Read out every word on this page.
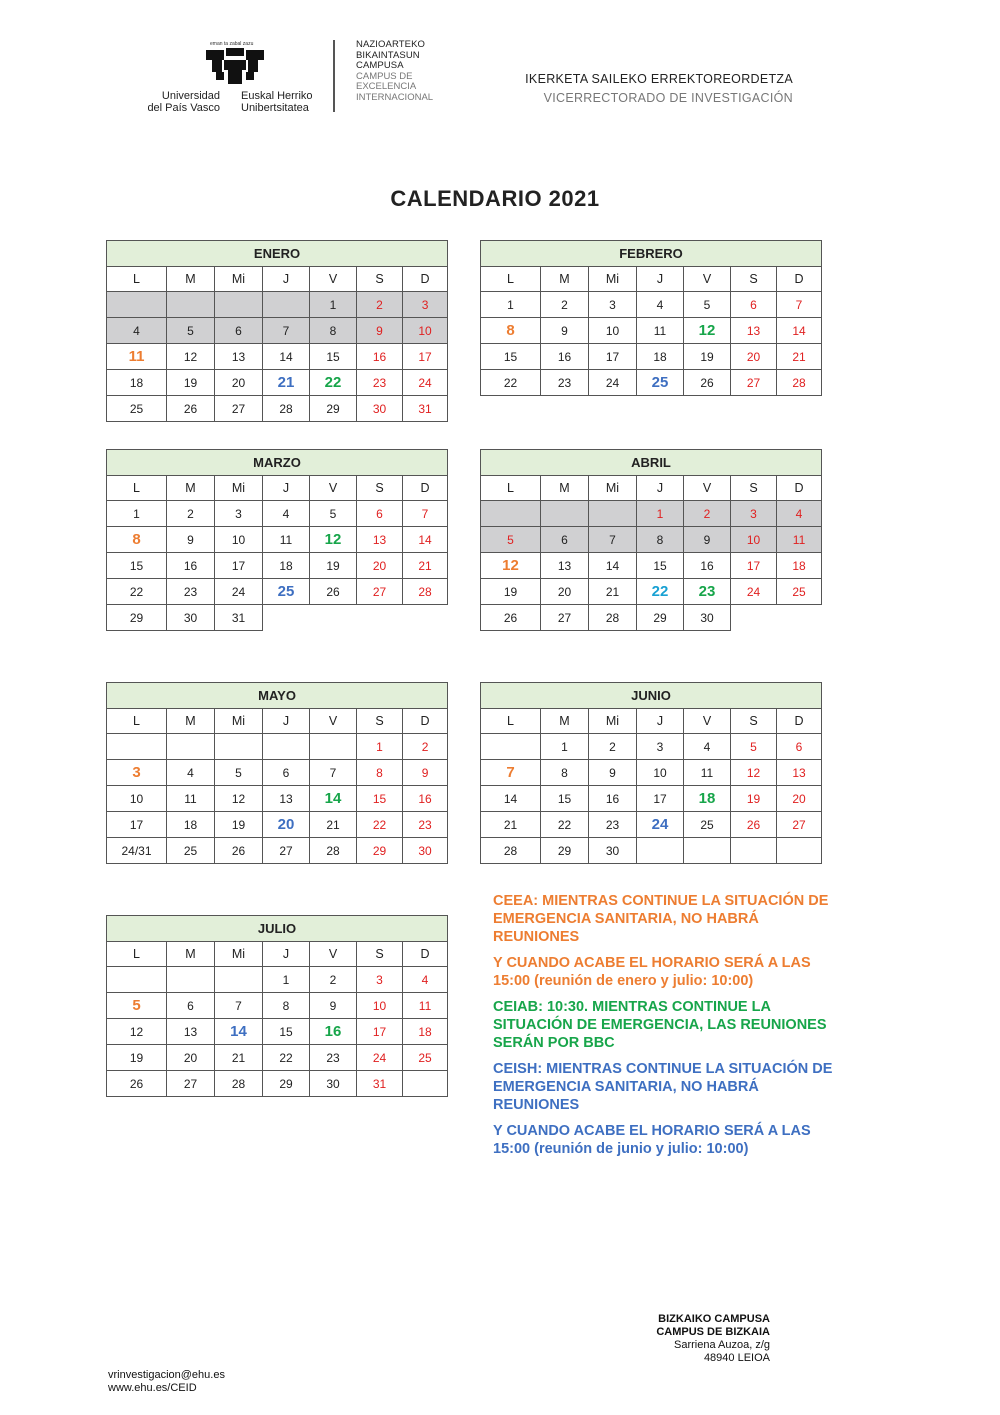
eman ta zabal zazu
Universidad
del País Vasco
Euskal Herriko
Unibertsitatea
NAZIOARTEKO
BIKAINTASUN
CAMPUSA
CAMPUS DE
EXCELENCIA
INTERNACIONAL
IKERKETA SAILEKO ERREKTOREORDETZA
VICERRECTORADO DE INVESTIGACIÓN
CALENDARIO 2021
ENERO						
L	M	Mi	J	V	S	D
				1	2	3
4	5	6	7	8	9	10
11	12	13	14	15	16	17
18	19	20	21	22	23	24
25	26	27	28	29	30	31
FEBRERO						
L	M	Mi	J	V	S	D
1	2	3	4	5	6	7
8	9	10	11	12	13	14
15	16	17	18	19	20	21
22	23	24	25	26	27	28
MARZO						
L	M	Mi	J	V	S	D
1	2	3	4	5	6	7
8	9	10	11	12	13	14
15	16	17	18	19	20	21
22	23	24	25	26	27	28
29	30	31				
ABRIL						
L	M	Mi	J	V	S	D
			1	2	3	4
5	6	7	8	9	10	11
12	13	14	15	16	17	18
19	20	21	22	23	24	25
26	27	28	29	30		
MAYO						
L	M	Mi	J	V	S	D
					1	2
3	4	5	6	7	8	9
10	11	12	13	14	15	16
17	18	19	20	21	22	23
24/31	25	26	27	28	29	30
JUNIO						
L	M	Mi	J	V	S	D
	1	2	3	4	5	6
7	8	9	10	11	12	13
14	15	16	17	18	19	20
21	22	23	24	25	26	27
28	29	30				
JULIO						
L	M	Mi	J	V	S	D
			1	2	3	4
5	6	7	8	9	10	11
12	13	14	15	16	17	18
19	20	21	22	23	24	25
26	27	28	29	30	31	

CEEA: MIENTRAS CONTINUE LA SITUACIÓN DE EMERGENCIA SANITARIA, NO HABRÁ REUNIONES

Y CUANDO ACABE EL HORARIO SERÁ A LAS 15:00 (reunión de enero y julio: 10:00)

CEIAB: 10:30. MIENTRAS CONTINUE LA SITUACIÓN DE EMERGENCIA, LAS REUNIONES SERÁN POR BBC

CEISH: MIENTRAS CONTINUE LA SITUACIÓN DE EMERGENCIA SANITARIA, NO HABRÁ REUNIONES

Y CUANDO ACABE EL HORARIO SERÁ A LAS 15:00 (reunión de junio y julio: 10:00)

BIZKAIKO CAMPUSA
CAMPUS DE BIZKAIA
Sarriena Auzoa, z/g
48940 LEIOA
vrinvestigacion@ehu.es
www.ehu.es/CEID
